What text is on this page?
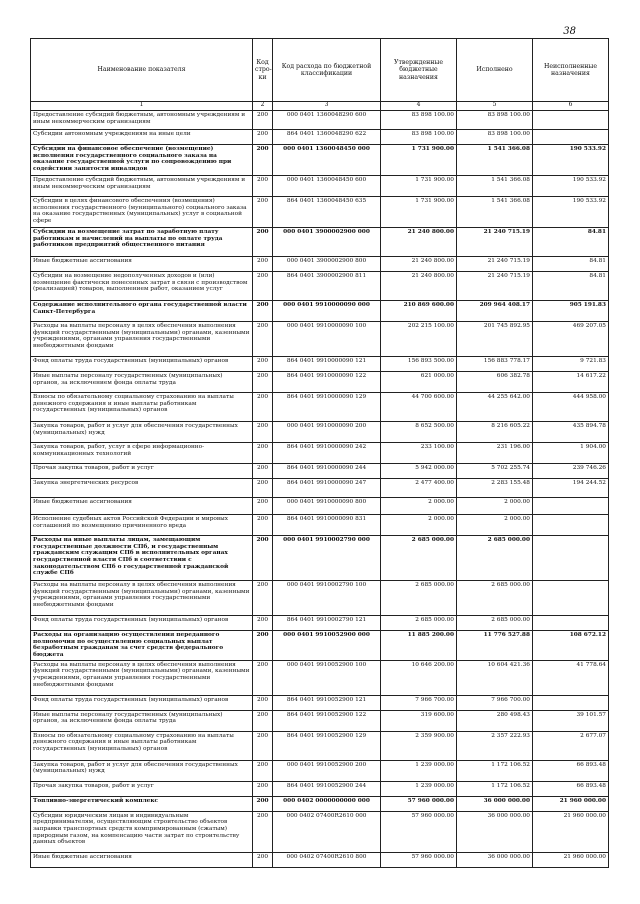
38
Наименование показателя	Код стро-ки	Код расхода по бюджетной классификации	Утвержденные бюджетные назначения	Исполнено	Неисполненные назначения
1	2	3	4	5	6
Предоставление субсидий бюджетным, автономным учреждениям и иным некоммерческим организациям	200	000 0401 1360048290 600	83 898 100.00	83 898 100.00	
Субсидии автономным учреждениям на иные цели	200	864 0401 1360048290 622	83 898 100.00	83 898 100.00	
Субсидии на финансовое обеспечение (возмещение) исполнения государственного социального заказа на оказание государственной услуги по сопровождению при содействии занятости инвалидов	200	000 0401 1360048450 000	1 731 900.00	1 541 366.08	190 533.92
Предоставление субсидий бюджетным, автономным учреждениям и иным некоммерческим организациям	200	000 0401 1360048450 600	1 731 900.00	1 541 366.08	190 533.92
Субсидии в целях финансового обеспечения (возмещения) исполнения государственного (муниципального) социального заказа на оказание государственных (муниципальных) услуг в социальной сфере	200	864 0401 1360048450 635	1 731 900.00	1 541 366.08	190 533.92
Субсидии на возмещение затрат по заработную плату работникам и начислений на выплаты по оплате труда работников предприятий общественного питания	200	000 0401 3900002900 000	21 240 800.00	21 240 715.19	84.81
Иные бюджетные ассигнования	200	000 0401 3900002900 800	21 240 800.00	21 240 715.19	84.81
Субсидии на возмещение недополученных доходов и (или) возмещение фактически понесенных затрат в связи с производством (реализацией) товаров, выполнением работ, оказанием услуг	200	864 0401 3900002900 811	21 240 800.00	21 240 715.19	84.81
Содержание исполнительного органа государственной власти Санкт-Петербурга	200	000 0401 9910000090 000	210 869 600.00	209 964 408.17	905 191.83
Расходы на выплаты персоналу в целях обеспечения выполнения функций государственными (муниципальными) органами, казенными учреждениями, органами управления государственными внебюджетными фондами	200	000 0401 9910000090 100	202 215 100.00	201 745 892.95	469 207.05
Фонд оплаты труда государственных (муниципальных) органов	200	864 0401 9910000090 121	156 893 500.00	156 883 778.17	9 721.83
Иные выплаты персоналу государственных (муниципальных) органов, за исключением фонда оплаты труда	200	864 0401 9910000090 122	621 000.00	606 382.78	14 617.22
Взносы по обязательному социальному страхованию на выплаты денежного содержания и иные выплаты работникам государственных (муниципальных) органов	200	864 0401 9910000090 129	44 700 600.00	44 255 642.00	444 958.00
Закупка товаров, работ и услуг для обеспечения государственных (муниципальных) нужд	200	000 0401 9910000090 200	8 652 500.00	8 216 605.22	435 894.78
Закупка товаров, работ, услуг в сфере информационно-коммуникационных технологий	200	864 0401 9910000090 242	233 100.00	231 196.00	1 904.00
Прочая закупка товаров, работ и услуг	200	864 0401 9910000090 244	5 942 000.00	5 702 255.74	239 746.26
Закупка энергетических ресурсов	200	864 0401 9910000090 247	2 477 400.00	2 283 155.48	194 244.52
Иные бюджетные ассигнования	200	000 0401 9910000090 800	2 000.00	2 000.00	
Исполнение судебных актов Российской Федерации и мировых соглашений по возмещению причиненного вреда	200	864 0401 9910000090 831	2 000.00	2 000.00	
Расходы на иные выплаты лицам, замещающим государственные должности СПб, и государственным гражданским служащим СПб в исполнительных органах государственной власти СПб в соответствии с законодательством СПб о государственной гражданской службе СПб	200	000 0401 9910002790 000	2 685 000.00	2 685 000.00	
Расходы на выплаты персоналу в целях обеспечения выполнения функций государственными (муниципальными) органами, казенными учреждениями, органами управления государственными внебюджетными фондами	200	000 0401 9910002790 100	2 685 000.00	2 685 000.00	
Фонд оплаты труда государственных (муниципальных) органов	200	864 0401 9910002790 121	2 685 000.00	2 685 000.00	
Расходы на организацию осуществления переданного полномочия по осуществлению социальных выплат безработным гражданам за счет средств федерального бюджета	200	000 0401 9910052900 000	11 885 200.00	11 776 527.88	108 672.12
Расходы на выплаты персоналу в целях обеспечения выполнения функций государственными (муниципальными) органами, казенными учреждениями, органами управления государственными внебюджетными фондами	200	000 0401 9910052900 100	10 646 200.00	10 604 421.36	41 778.64
Фонд оплаты труда государственных (муниципальных) органов	200	864 0401 9910052900 121	7 966 700.00	7 966 700.00	
Иные выплаты персоналу государственных (муниципальных) органов, за исключением фонда оплаты труда	200	864 0401 9910052900 122	319 600.00	280 498.43	39 101.57
Взносы по обязательному социальному страхованию на выплаты денежного содержания и иные выплаты работникам государственных (муниципальных) органов	200	864 0401 9910052900 129	2 359 900.00	2 357 222.93	2 677.07
Закупка товаров, работ и услуг для обеспечения государственных (муниципальных) нужд	200	000 0401 9910052900 200	1 239 000.00	1 172 106.52	66 893.48
Прочая закупка товаров, работ и услуг	200	864 0401 9910052900 244	1 239 000.00	1 172 106.52	66 893.48
Топливно-энергетический комплекс	200	000 0402 0000000000 000	57 960 000.00	36 000 000.00	21 960 000.00
Субсидии юридическим лицам и индивидуальным предпринимателям, осуществляющим строительство объектов заправки транспортных средств компримированным (сжатым) природным газом, на компенсацию части затрат по строительству данных объектов	200	000 0402 07400R2610 000	57 960 000.00	36 000 000.00	21 960 000.00
Иные бюджетные ассигнования	200	000 0402 07400R2610 800	57 960 000.00	36 000 000.00	21 960 000.00
